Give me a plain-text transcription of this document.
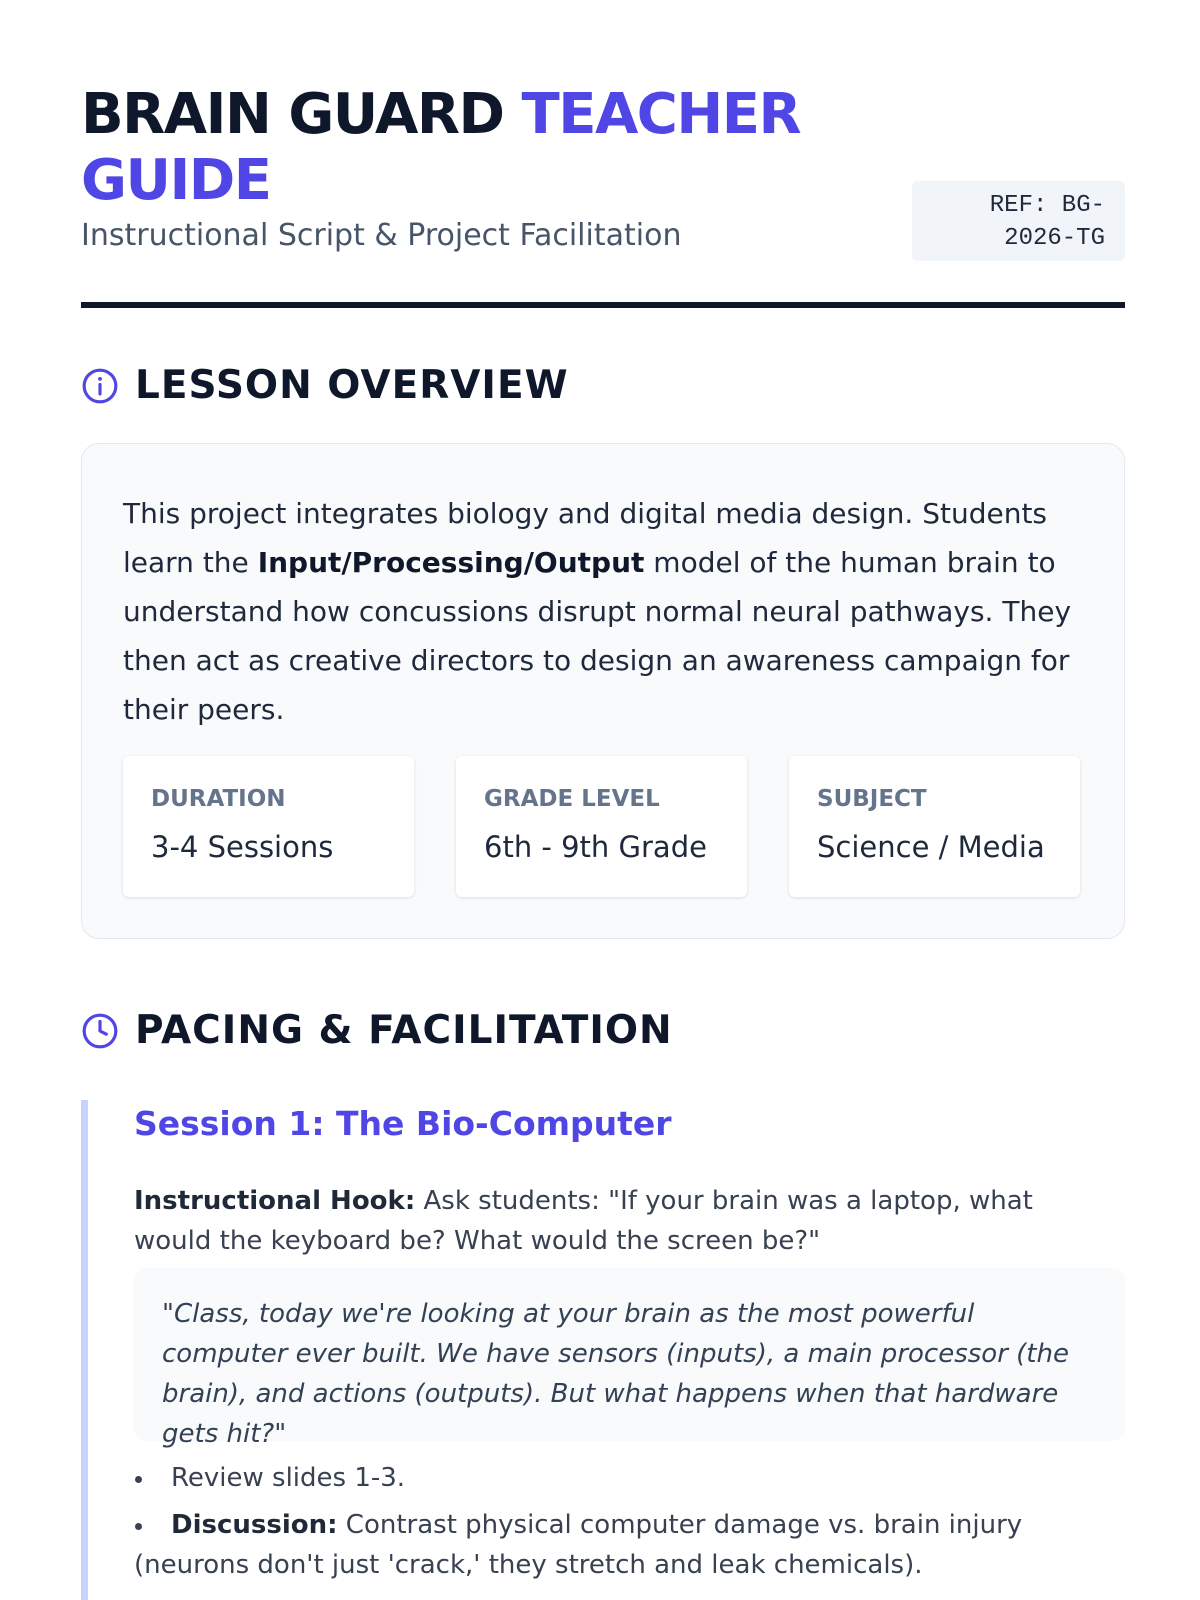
BRAIN GUARD TEACHER
GUIDE

Instructional Script & Project Facilitation

REF: BG-
2026-TG
LESSON OVERVIEW

This project integrates biology and digital media design. Students learn the Input/Processing/Output model of the human brain to understand how concussions disrupt normal neural pathways. They then act as creative directors to design an awareness campaign for their peers.

DURATION
3-4 Sessions
GRADE LEVEL
6th - 9th Grade
SUBJECT
Science / Media
PACING & FACILITATION
Session 1: The Bio-Computer

Instructional Hook: Ask students: "If your brain was a laptop, what would the keyboard be? What would the screen be?"

"Class, today we're looking at your brain as the most powerful computer ever built. We have sensors (inputs), a main processor (the brain), and actions (outputs). But what happens when that hardware gets hit?"
Review slides 1-3.
Discussion: Contrast physical computer damage vs. brain injury (neurons don't just 'crack,' they stretch and leak chemicals).
